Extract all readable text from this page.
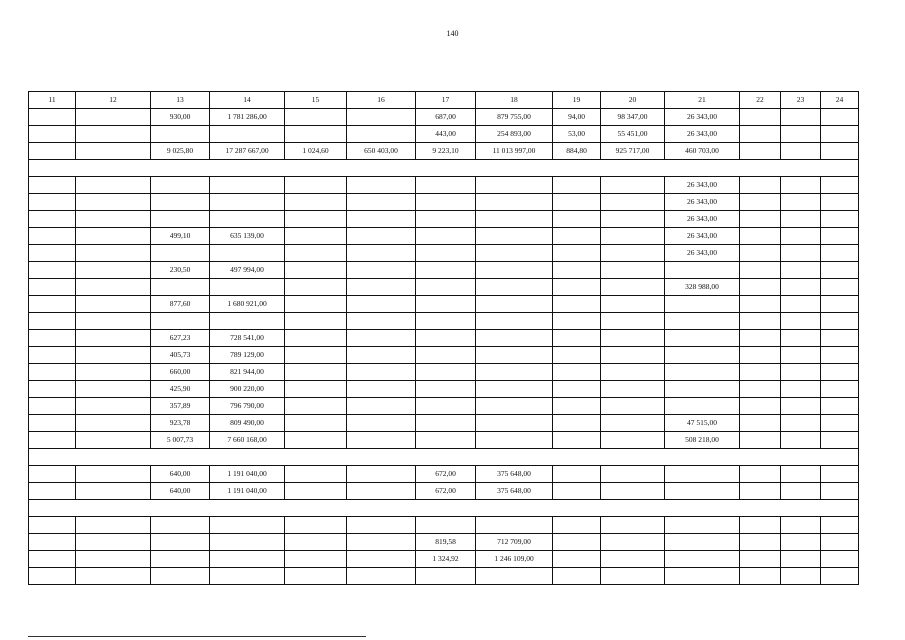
140
11	12	13	14	15	16	17	18	19	20	21	22	23	24
		930,00	1 781 286,00			687,00	879 755,00	94,00	98 347,00	26 343,00			
						443,00	254 893,00	53,00	55 451,00	26 343,00			
		9 025,80	17 287 667,00	1 024,60	650 403,00	9 223,10	11 013 997,00	884,80	925 717,00	460 703,00			

										26 343,00			
										26 343,00			
										26 343,00			
		499,10	635 139,00							26 343,00			
										26 343,00			
		230,50	497 994,00										
										328 988,00			
		877,60	1 680 921,00										

		627,23	728 541,00										
		405,73	789 129,00										
		660,00	821 944,00										
		425,90	900 220,00										
		357,89	796 790,00										
		923,78	809 490,00							47 515,00			
		5 007,73	7 660 168,00							508 218,00			

		640,00	1 191 040,00			672,00	375 648,00						
		640,00	1 191 040,00			672,00	375 648,00						

						819,58	712 709,00						
						1 324,92	1 246 109,00						
